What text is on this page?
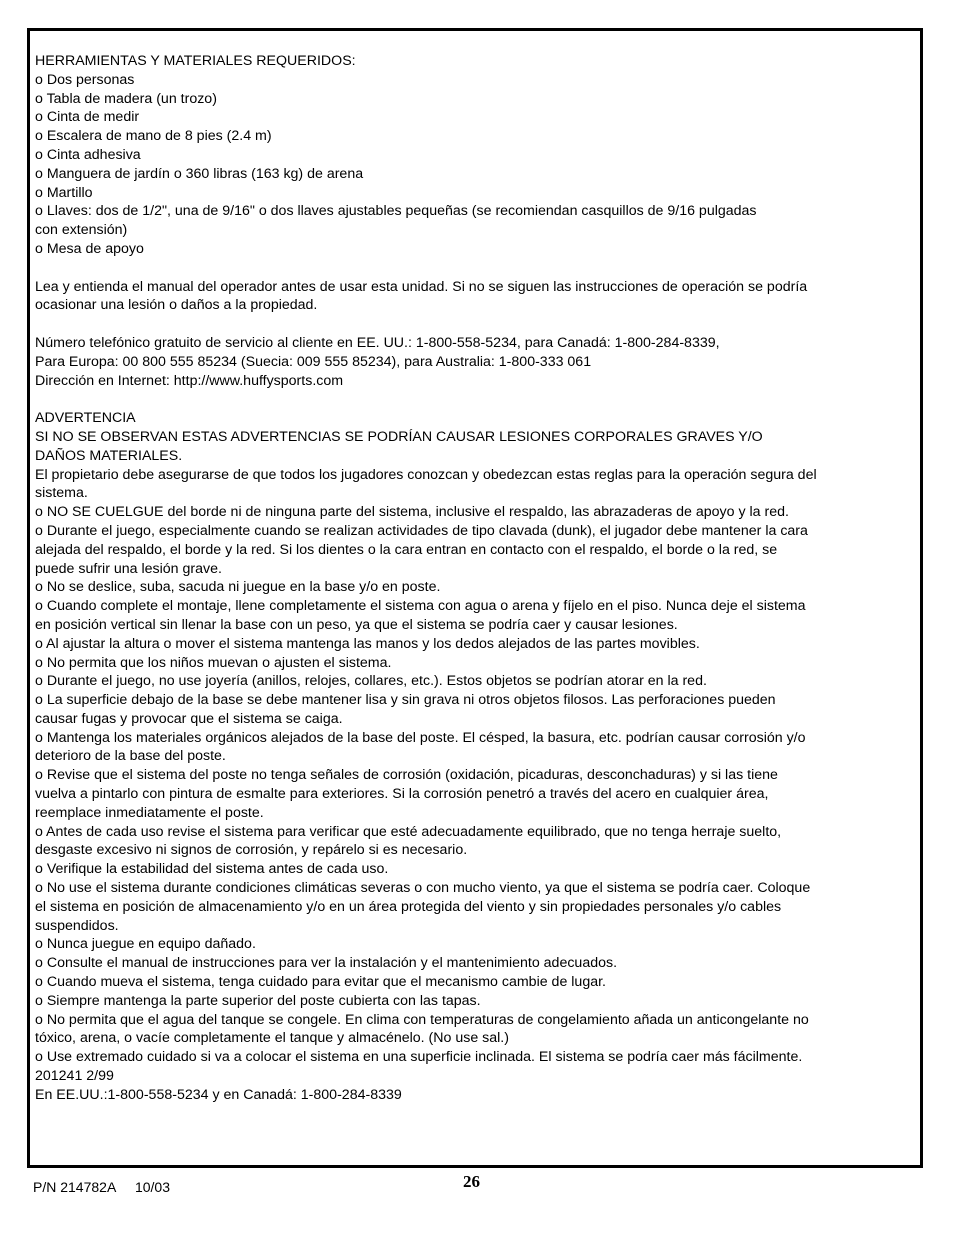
HERRAMIENTAS Y MATERIALES REQUERIDOS:
o Dos personas
o Tabla de madera (un trozo)
o Cinta de medir
o Escalera de mano de 8 pies (2.4 m)
o Cinta adhesiva
o Manguera de jardín o 360 libras (163 kg) de arena
o Martillo
o Llaves: dos de 1/2", una de 9/16" o dos llaves ajustables pequeñas (se recomiendan casquillos de 9/16 pulgadas
con extensión)
o Mesa de apoyo
Lea y entienda el manual del operador antes de usar esta unidad. Si no se siguen las instrucciones de operación se podría
ocasionar una lesión o daños a la propiedad.
Número telefónico gratuito de servicio al cliente en EE. UU.: 1-800-558-5234, para Canadá: 1-800-284-8339,
Para Europa: 00 800 555 85234 (Suecia: 009 555 85234), para Australia: 1-800-333 061
Dirección en Internet: http://www.huffysports.com
ADVERTENCIA
SI NO SE OBSERVAN ESTAS ADVERTENCIAS SE PODRÍAN CAUSAR LESIONES CORPORALES GRAVES Y/O
DAÑOS MATERIALES.
El propietario debe asegurarse de que todos los jugadores conozcan y obedezcan estas reglas para la operación segura del
sistema.
o NO SE CUELGUE del borde ni de ninguna parte del sistema, inclusive el respaldo, las abrazaderas de apoyo y la red.
o Durante el juego, especialmente cuando se realizan actividades de tipo clavada (dunk), el jugador debe mantener la cara
alejada del respaldo, el borde y la red. Si los dientes o la cara entran en contacto con el respaldo, el borde o la red, se
puede sufrir una lesión grave.
o No se deslice, suba, sacuda ni juegue en la base y/o en poste.
o Cuando complete el montaje, llene completamente el sistema con agua o arena y fíjelo en el piso. Nunca deje el sistema
en posición vertical sin llenar la base con un peso, ya que el sistema se podría caer y causar lesiones.
o Al ajustar la altura o mover el sistema mantenga las manos y los dedos alejados de las partes movibles.
o No permita que los niños muevan o ajusten el sistema.
o Durante el juego, no use joyería (anillos, relojes, collares, etc.). Estos objetos se podrían atorar en la red.
o La superficie debajo de la base se debe mantener lisa y sin grava ni otros objetos filosos. Las perforaciones pueden
causar fugas y provocar que el sistema se caiga.
o Mantenga los materiales orgánicos alejados de la base del poste. El césped, la basura, etc. podrían causar corrosión y/o
deterioro de la base del poste.
o Revise que el sistema del poste no tenga señales de corrosión (oxidación, picaduras, desconchaduras) y si las tiene
vuelva a pintarlo con pintura de esmalte para exteriores. Si la corrosión penetró a través del acero en cualquier área,
reemplace inmediatamente el poste.
o Antes de cada uso revise el sistema para verificar que esté adecuadamente equilibrado, que no tenga herraje suelto,
desgaste excesivo ni signos de corrosión, y repárelo si es necesario.
o Verifique la estabilidad del sistema antes de cada uso.
o No use el sistema durante condiciones climáticas severas o con mucho viento, ya que el sistema se podría caer. Coloque
el sistema en posición de almacenamiento y/o en un área protegida del viento y sin propiedades personales y/o cables
suspendidos.
o Nunca juegue en equipo dañado.
o Consulte el manual de instrucciones para ver la instalación y el mantenimiento adecuados.
o Cuando mueva el sistema, tenga cuidado para evitar que el mecanismo cambie de lugar.
o Siempre mantenga la parte superior del poste cubierta con las tapas.
o No permita que el agua del tanque se congele. En clima con temperaturas de congelamiento añada un anticongelante no
tóxico, arena, o vacíe completamente el tanque y almacénelo. (No use sal.)
o Use extremado cuidado si va a colocar el sistema en una superficie inclinada. El sistema se podría caer más fácilmente.
201241 2/99
En EE.UU.:1-800-558-5234 y en Canadá: 1-800-284-8339
P/N 214782A     10/03	26
